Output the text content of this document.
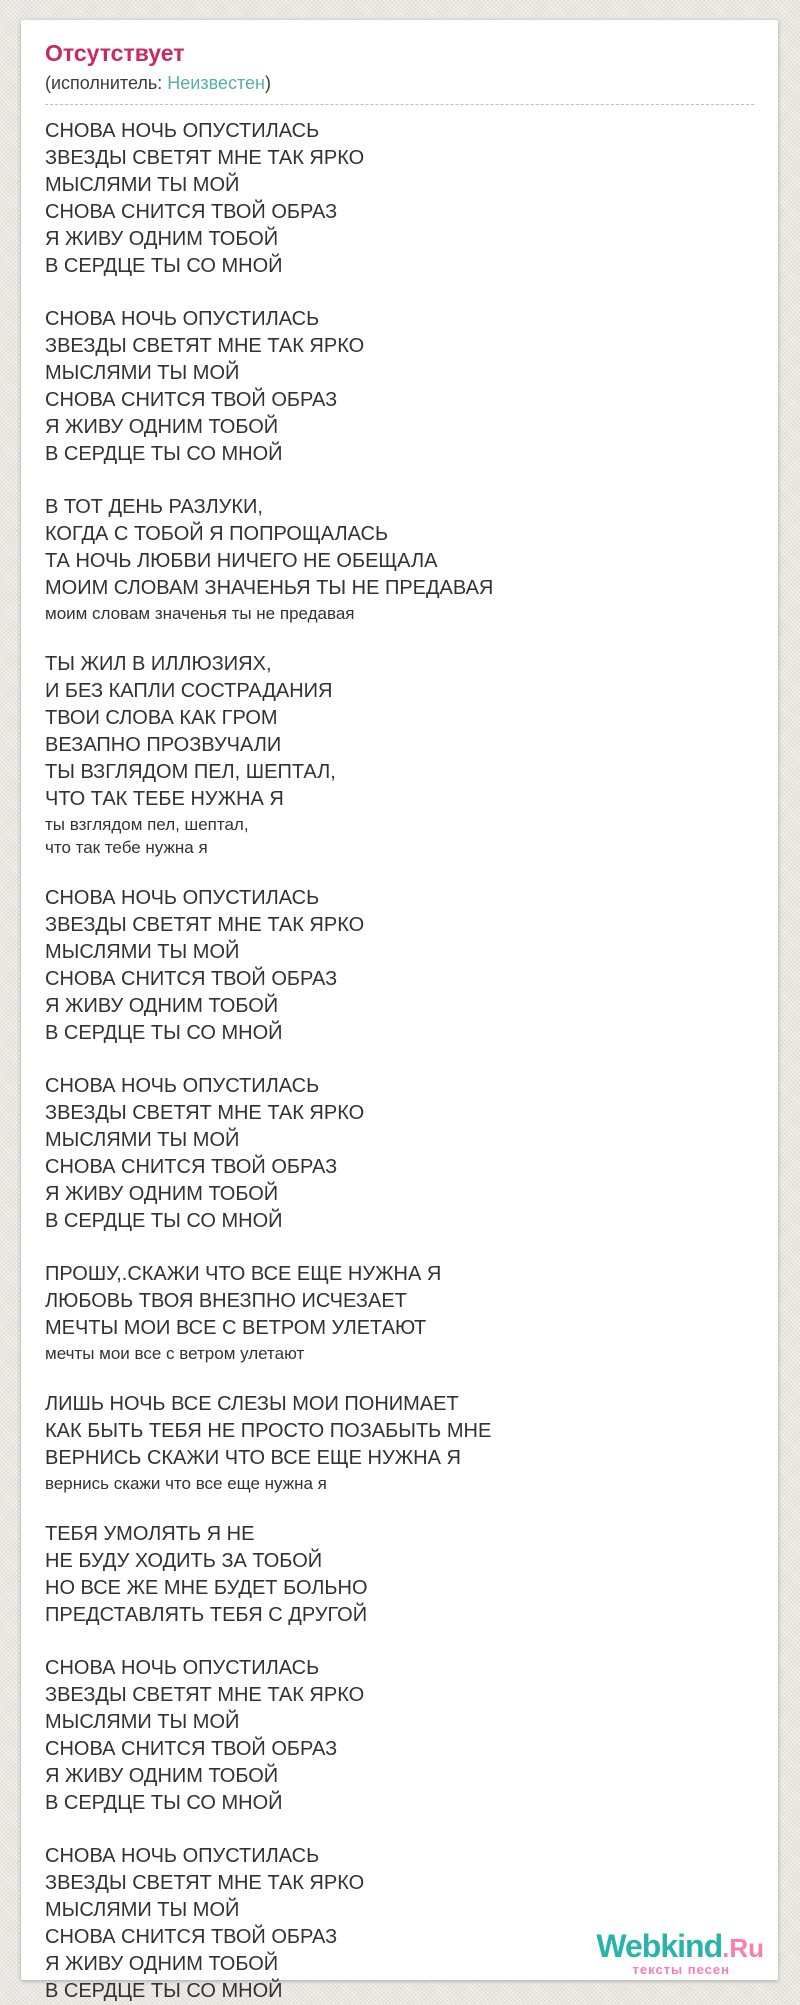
Отсутствует
(исполнитель: Неизвестен)
СНОВА НОЧЬ ОПУСТИЛАСЬ
ЗВЕЗДЫ СВЕТЯТ МНЕ ТАК ЯРКО
МЫСЛЯМИ ТЫ МОЙ
СНОВА СНИТСЯ ТВОЙ ОБРАЗ
Я ЖИВУ ОДНИМ ТОБОЙ
В СЕРДЦЕ ТЫ СО МНОЙ
СНОВА НОЧЬ ОПУСТИЛАСЬ
ЗВЕЗДЫ СВЕТЯТ МНЕ ТАК ЯРКО
МЫСЛЯМИ ТЫ МОЙ
СНОВА СНИТСЯ ТВОЙ ОБРАЗ
Я ЖИВУ ОДНИМ ТОБОЙ
В СЕРДЦЕ ТЫ СО МНОЙ
В ТОТ ДЕНЬ РАЗЛУКИ,
КОГДА С ТОБОЙ Я ПОПРОЩАЛАСЬ
ТА НОЧЬ ЛЮБВИ НИЧЕГО НЕ ОБЕЩАЛА
МОИМ СЛОВАМ ЗНАЧЕНЬЯ ТЫ НЕ ПРЕДАВАЯ
моим словам значенья ты не предавая
ТЫ ЖИЛ В ИЛЛЮЗИЯХ,
И БЕЗ КАПЛИ СОСТРАДАНИЯ
ТВОИ СЛОВА КАК ГРОМ
ВЕЗАПНО ПРОЗВУЧАЛИ
ТЫ ВЗГЛЯДОМ ПЕЛ, ШЕПТАЛ,
ЧТО ТАК ТЕБЕ НУЖНА Я
ты взглядом пел, шептал,
что так тебе нужна я
СНОВА НОЧЬ ОПУСТИЛАСЬ
ЗВЕЗДЫ СВЕТЯТ МНЕ ТАК ЯРКО
МЫСЛЯМИ ТЫ МОЙ
СНОВА СНИТСЯ ТВОЙ ОБРАЗ
Я ЖИВУ ОДНИМ ТОБОЙ
В СЕРДЦЕ ТЫ СО МНОЙ
СНОВА НОЧЬ ОПУСТИЛАСЬ
ЗВЕЗДЫ СВЕТЯТ МНЕ ТАК ЯРКО
МЫСЛЯМИ ТЫ МОЙ
СНОВА СНИТСЯ ТВОЙ ОБРАЗ
Я ЖИВУ ОДНИМ ТОБОЙ
В СЕРДЦЕ ТЫ СО МНОЙ
ПРОШУ,.СКАЖИ ЧТО ВСЕ ЕЩЕ НУЖНА Я
ЛЮБОВЬ ТВОЯ ВНЕЗПНО ИСЧЕЗАЕТ
МЕЧТЫ МОИ ВСЕ С ВЕТРОМ УЛЕТАЮТ
мечты мои все с ветром улетают
ЛИШЬ НОЧЬ ВСЕ СЛЕЗЫ МОИ ПОНИМАЕТ
КАК БЫТЬ ТЕБЯ НЕ ПРОСТО ПОЗАБЫТЬ МНЕ
ВЕРНИСЬ СКАЖИ ЧТО ВСЕ ЕЩЕ НУЖНА Я
вернись скажи что все еще нужна я
ТЕБЯ УМОЛЯТЬ Я НЕ
НЕ БУДУ ХОДИТЬ ЗА ТОБОЙ
НО ВСЕ ЖЕ МНЕ БУДЕТ БОЛЬНО
ПРЕДСТАВЛЯТЬ ТЕБЯ С ДРУГОЙ
СНОВА НОЧЬ ОПУСТИЛАСЬ
ЗВЕЗДЫ СВЕТЯТ МНЕ ТАК ЯРКО
МЫСЛЯМИ ТЫ МОЙ
СНОВА СНИТСЯ ТВОЙ ОБРАЗ
Я ЖИВУ ОДНИМ ТОБОЙ
В СЕРДЦЕ ТЫ СО МНОЙ
СНОВА НОЧЬ ОПУСТИЛАСЬ
ЗВЕЗДЫ СВЕТЯТ МНЕ ТАК ЯРКО
МЫСЛЯМИ ТЫ МОЙ
СНОВА СНИТСЯ ТВОЙ ОБРАЗ
Я ЖИВУ ОДНИМ ТОБОЙ
В СЕРДЦЕ ТЫ СО МНОЙ
Webkind.Ru
тексты песен
